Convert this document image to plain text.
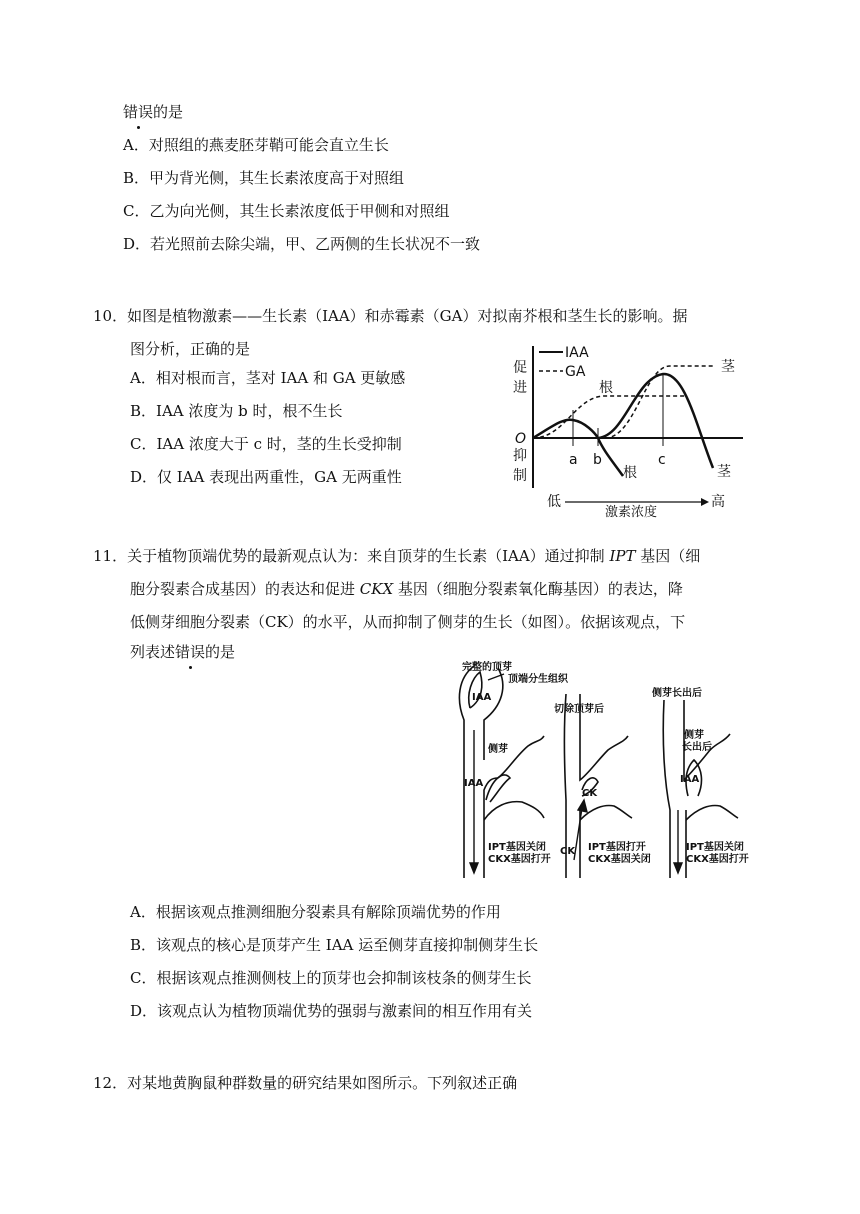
错误的是
A．对照组的燕麦胚芽鞘可能会直立生长
B．甲为背光侧，其生长素浓度高于对照组
C．乙为向光侧，其生长素浓度低于甲侧和对照组
D．若光照前去除尖端，甲、乙两侧的生长状况不一致
10．如图是植物激素——生长素（IAA）和赤霉素（GA）对拟南芥根和茎生长的影响。据
图分析，正确的是
A．相对根而言，茎对 IAA 和 GA 更敏感
B．IAA 浓度为 b 时，根不生长
C．IAA 浓度大于 c 时，茎的生长受抑制
D．仅 IAA 表现出两重性，GA 无两重性
IAA
GA
促
进
O
抑
制
a b	c
根
根
茎
茎
低
激素浓度
高
11．关于植物顶端优势的最新观点认为：来自顶芽的生长素（IAA）通过抑制 IPT 基因（细
胞分裂素合成基因）的表达和促进 CKX 基因（细胞分裂素氧化酶基因）的表达，降
低侧芽细胞分裂素（CK）的水平，从而抑制了侧芽的生长（如图）。依据该观点，下
列表述错误的是
完整的顶芽
顶端分生组织
IAA
侧芽
IAA
IPT基因关闭
CKX基因打开
切除顶芽后
CK
CK IPT基因打开
CKX基因关闭
侧芽长出后
侧芽
长出后
IAA
IPT基因关闭
CKX基因打开
A．根据该观点推测细胞分裂素具有解除顶端优势的作用
B．该观点的核心是顶芽产生 IAA 运至侧芽直接抑制侧芽生长
C．根据该观点推测侧枝上的顶芽也会抑制该枝条的侧芽生长
D．该观点认为植物顶端优势的强弱与激素间的相互作用有关
12．对某地黄胸鼠种群数量的研究结果如图所示。下列叙述正确
